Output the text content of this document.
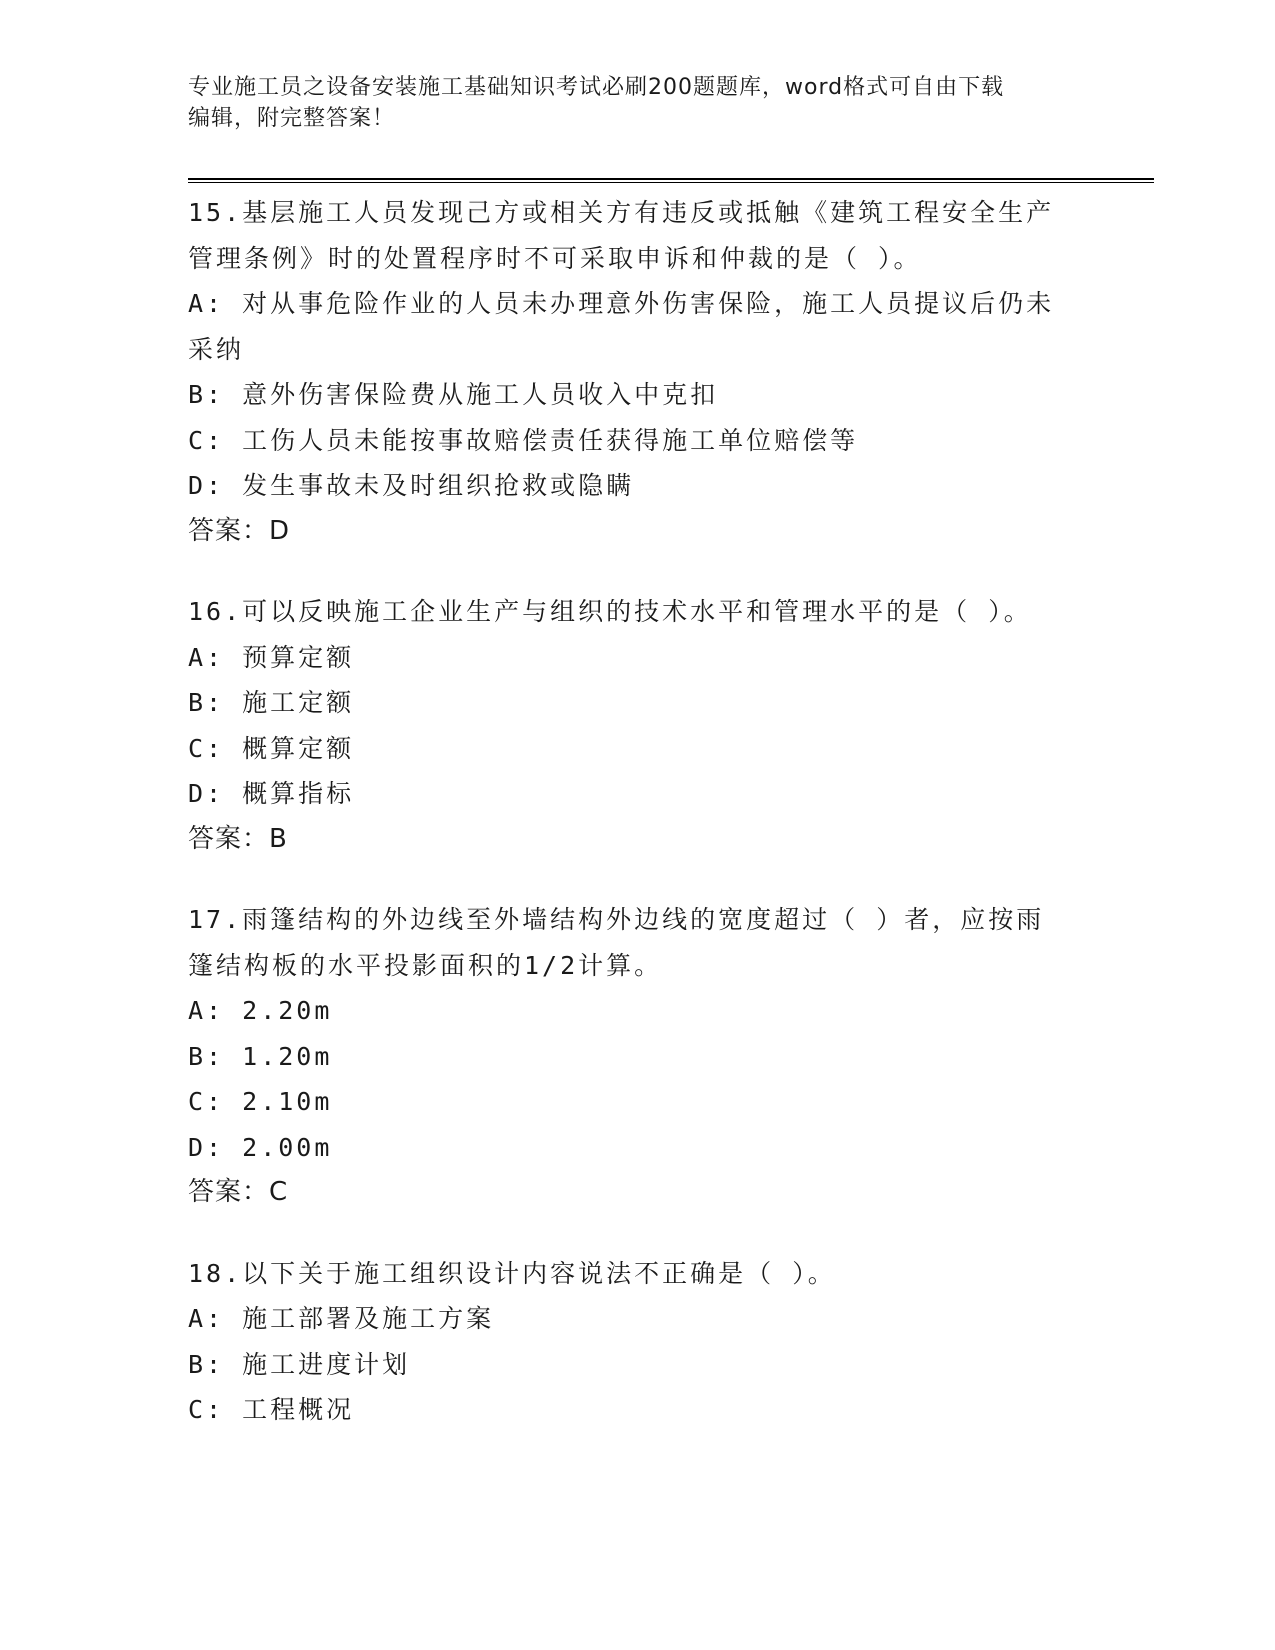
专业施工员之设备安装施工基础知识考试必刷200题题库，word格式可自由下载
编辑，附完整答案！

15.基层施工人员发现己方或相关方有违反或抵触《建筑工程安全生产管理条例》时的处置程序时不可采取申诉和仲裁的是（ ）。

A: 对从事危险作业的人员未办理意外伤害保险，施工人员提议后仍未采纳

B: 意外伤害保险费从施工人员收入中克扣

C: 工伤人员未能按事故赔偿责任获得施工单位赔偿等

D: 发生事故未及时组织抢救或隐瞒

答案：D

16.可以反映施工企业生产与组织的技术水平和管理水平的是（ ）。

A: 预算定额

B: 施工定额

C: 概算定额

D: 概算指标

答案：B

17.雨篷结构的外边线至外墙结构外边线的宽度超过（ ）者，应按雨篷结构板的水平投影面积的1/2计算。

A: 2.20m

B: 1.20m

C: 2.10m

D: 2.00m

答案：C

18.以下关于施工组织设计内容说法不正确是（ ）。

A: 施工部署及施工方案

B: 施工进度计划

C: 工程概况
